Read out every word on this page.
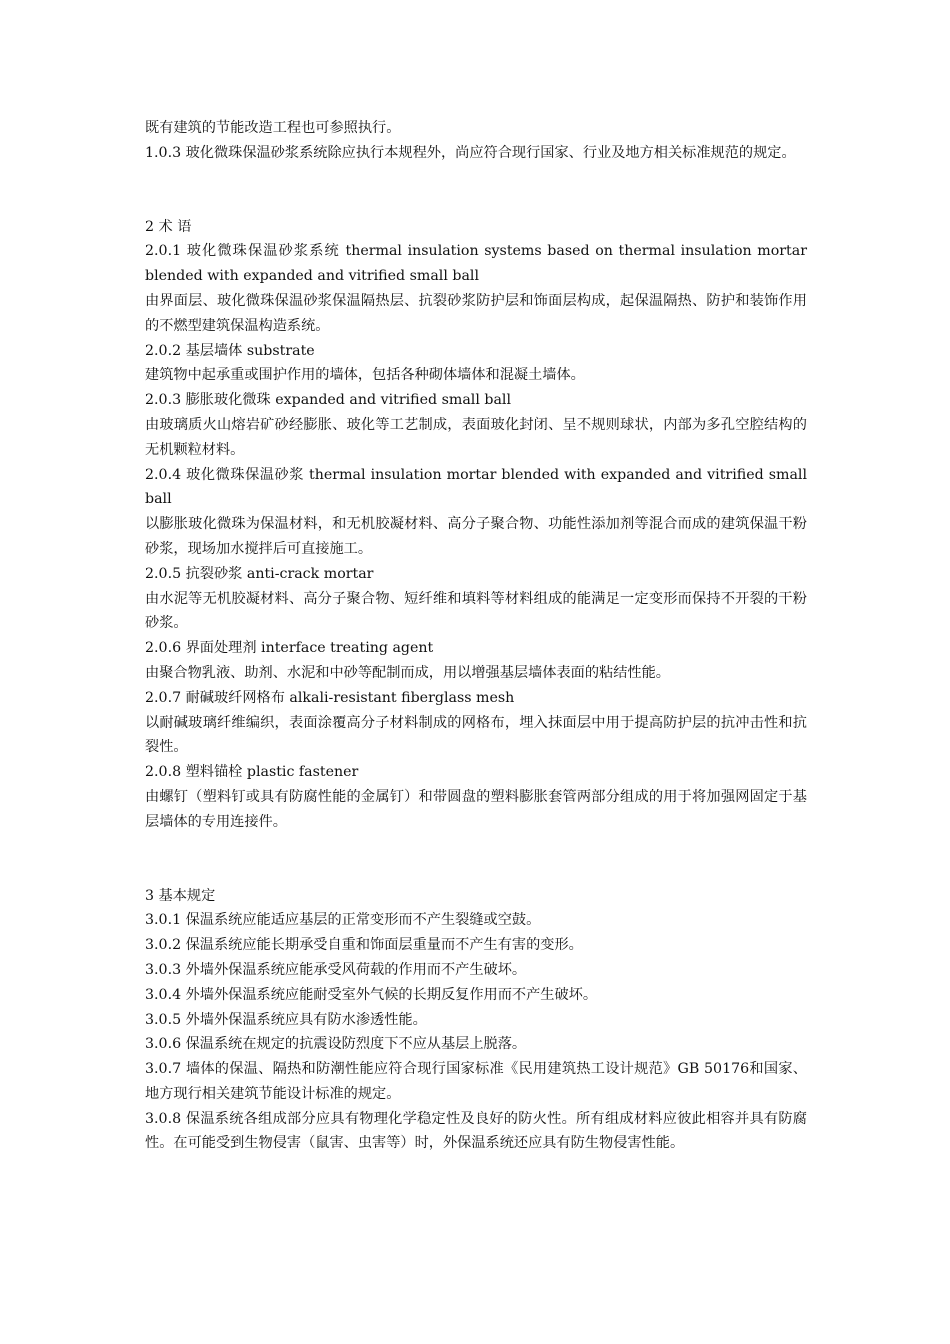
既有建筑的节能改造工程也可参照执行。

1.0.3 玻化微珠保温砂浆系统除应执行本规程外，尚应符合现行国家、行业及地方相关标准规范的规定。

2 术 语

2.0.1 玻化微珠保温砂浆系统 thermal insulation systems based on thermal insulation mortar blended with expanded and vitrified small ball

由界面层、玻化微珠保温砂浆保温隔热层、抗裂砂浆防护层和饰面层构成，起保温隔热、防护和装饰作用的不燃型建筑保温构造系统。

2.0.2 基层墙体 substrate

建筑物中起承重或围护作用的墙体，包括各种砌体墙体和混凝土墙体。

2.0.3 膨胀玻化微珠 expanded and vitrified small ball

由玻璃质火山熔岩矿砂经膨胀、玻化等工艺制成，表面玻化封闭、呈不规则球状，内部为多孔空腔结构的无机颗粒材料。

2.0.4 玻化微珠保温砂浆 thermal insulation mortar blended with expanded and vitrified small ball

以膨胀玻化微珠为保温材料，和无机胶凝材料、高分子聚合物、功能性添加剂等混合而成的建筑保温干粉砂浆，现场加水搅拌后可直接施工。

2.0.5 抗裂砂浆 anti-crack mortar

由水泥等无机胶凝材料、高分子聚合物、短纤维和填料等材料组成的能满足一定变形而保持不开裂的干粉砂浆。

2.0.6 界面处理剂 interface treating agent

由聚合物乳液、助剂、水泥和中砂等配制而成，用以增强基层墙体表面的粘结性能。

2.0.7 耐碱玻纤网格布 alkali-resistant fiberglass mesh

以耐碱玻璃纤维编织，表面涂覆高分子材料制成的网格布，埋入抹面层中用于提高防护层的抗冲击性和抗裂性。

2.0.8 塑料锚栓 plastic fastener

由螺钉（塑料钉或具有防腐性能的金属钉）和带圆盘的塑料膨胀套管两部分组成的用于将加强网固定于基层墙体的专用连接件。

3 基本规定

3.0.1 保温系统应能适应基层的正常变形而不产生裂缝或空鼓。

3.0.2 保温系统应能长期承受自重和饰面层重量而不产生有害的变形。

3.0.3 外墙外保温系统应能承受风荷载的作用而不产生破坏。

3.0.4 外墙外保温系统应能耐受室外气候的长期反复作用而不产生破坏。

3.0.5 外墙外保温系统应具有防水渗透性能。

3.0.6 保温系统在规定的抗震设防烈度下不应从基层上脱落。

3.0.7 墙体的保温、隔热和防潮性能应符合现行国家标准《民用建筑热工设计规范》GB 50176和国家、地方现行相关建筑节能设计标准的规定。

3.0.8 保温系统各组成部分应具有物理化学稳定性及良好的防火性。所有组成材料应彼此相容并具有防腐性。在可能受到生物侵害（鼠害、虫害等）时，外保温系统还应具有防生物侵害性能。
